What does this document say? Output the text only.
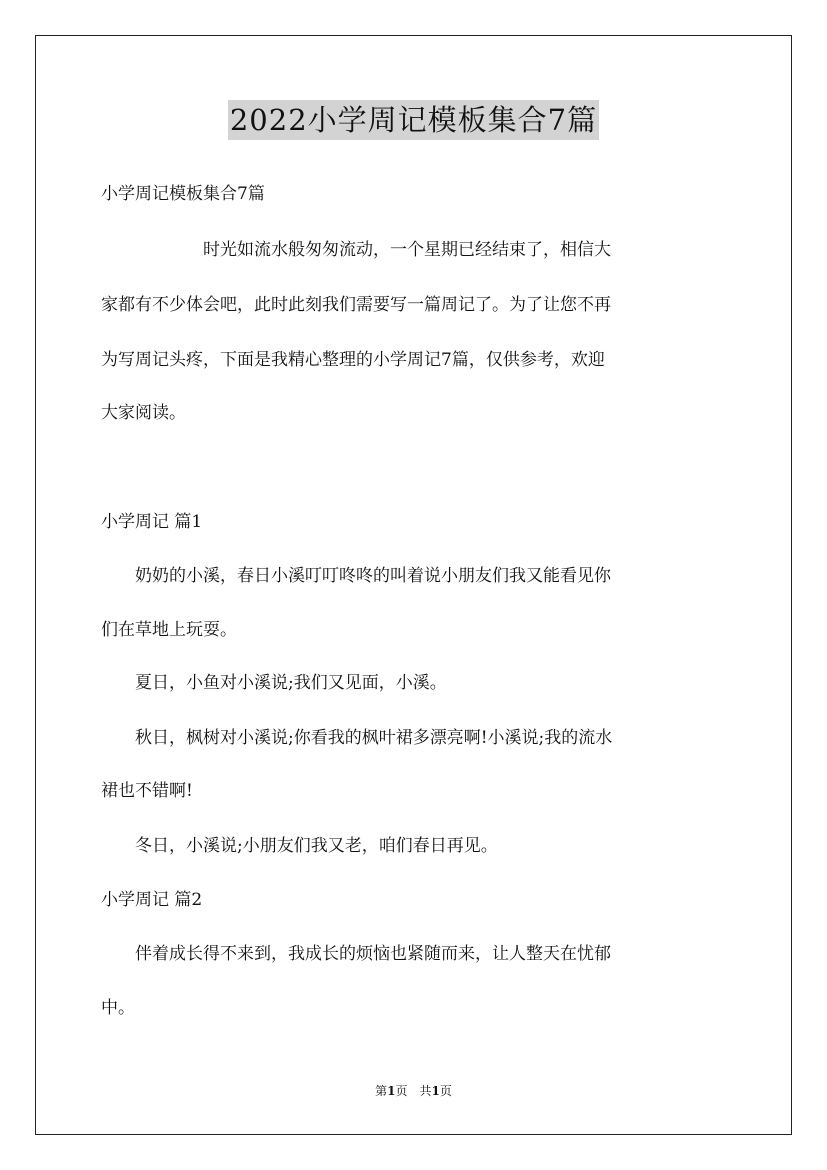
2022小学周记模板集合7篇
小学周记模板集合7篇
　　　　　　时光如流水般匆匆流动，一个星期已经结束了，相信大
家都有不少体会吧，此时此刻我们需要写一篇周记了。为了让您不再
为写周记头疼，下面是我精心整理的小学周记7篇，仅供参考，欢迎
大家阅读。
小学周记 篇1
　　奶奶的小溪，春日小溪叮叮咚咚的叫着说小朋友们我又能看见你
们在草地上玩耍。
　　夏日，小鱼对小溪说;我们又见面，小溪。
　　秋日，枫树对小溪说;你看我的枫叶裙多漂亮啊!小溪说;我的流水
裙也不错啊!
　　冬日，小溪说;小朋友们我又老，咱们春日再见。
小学周记 篇2
　　伴着成长得不来到，我成长的烦恼也紧随而来，让人整天在忧郁
中。
第1页　共1页
